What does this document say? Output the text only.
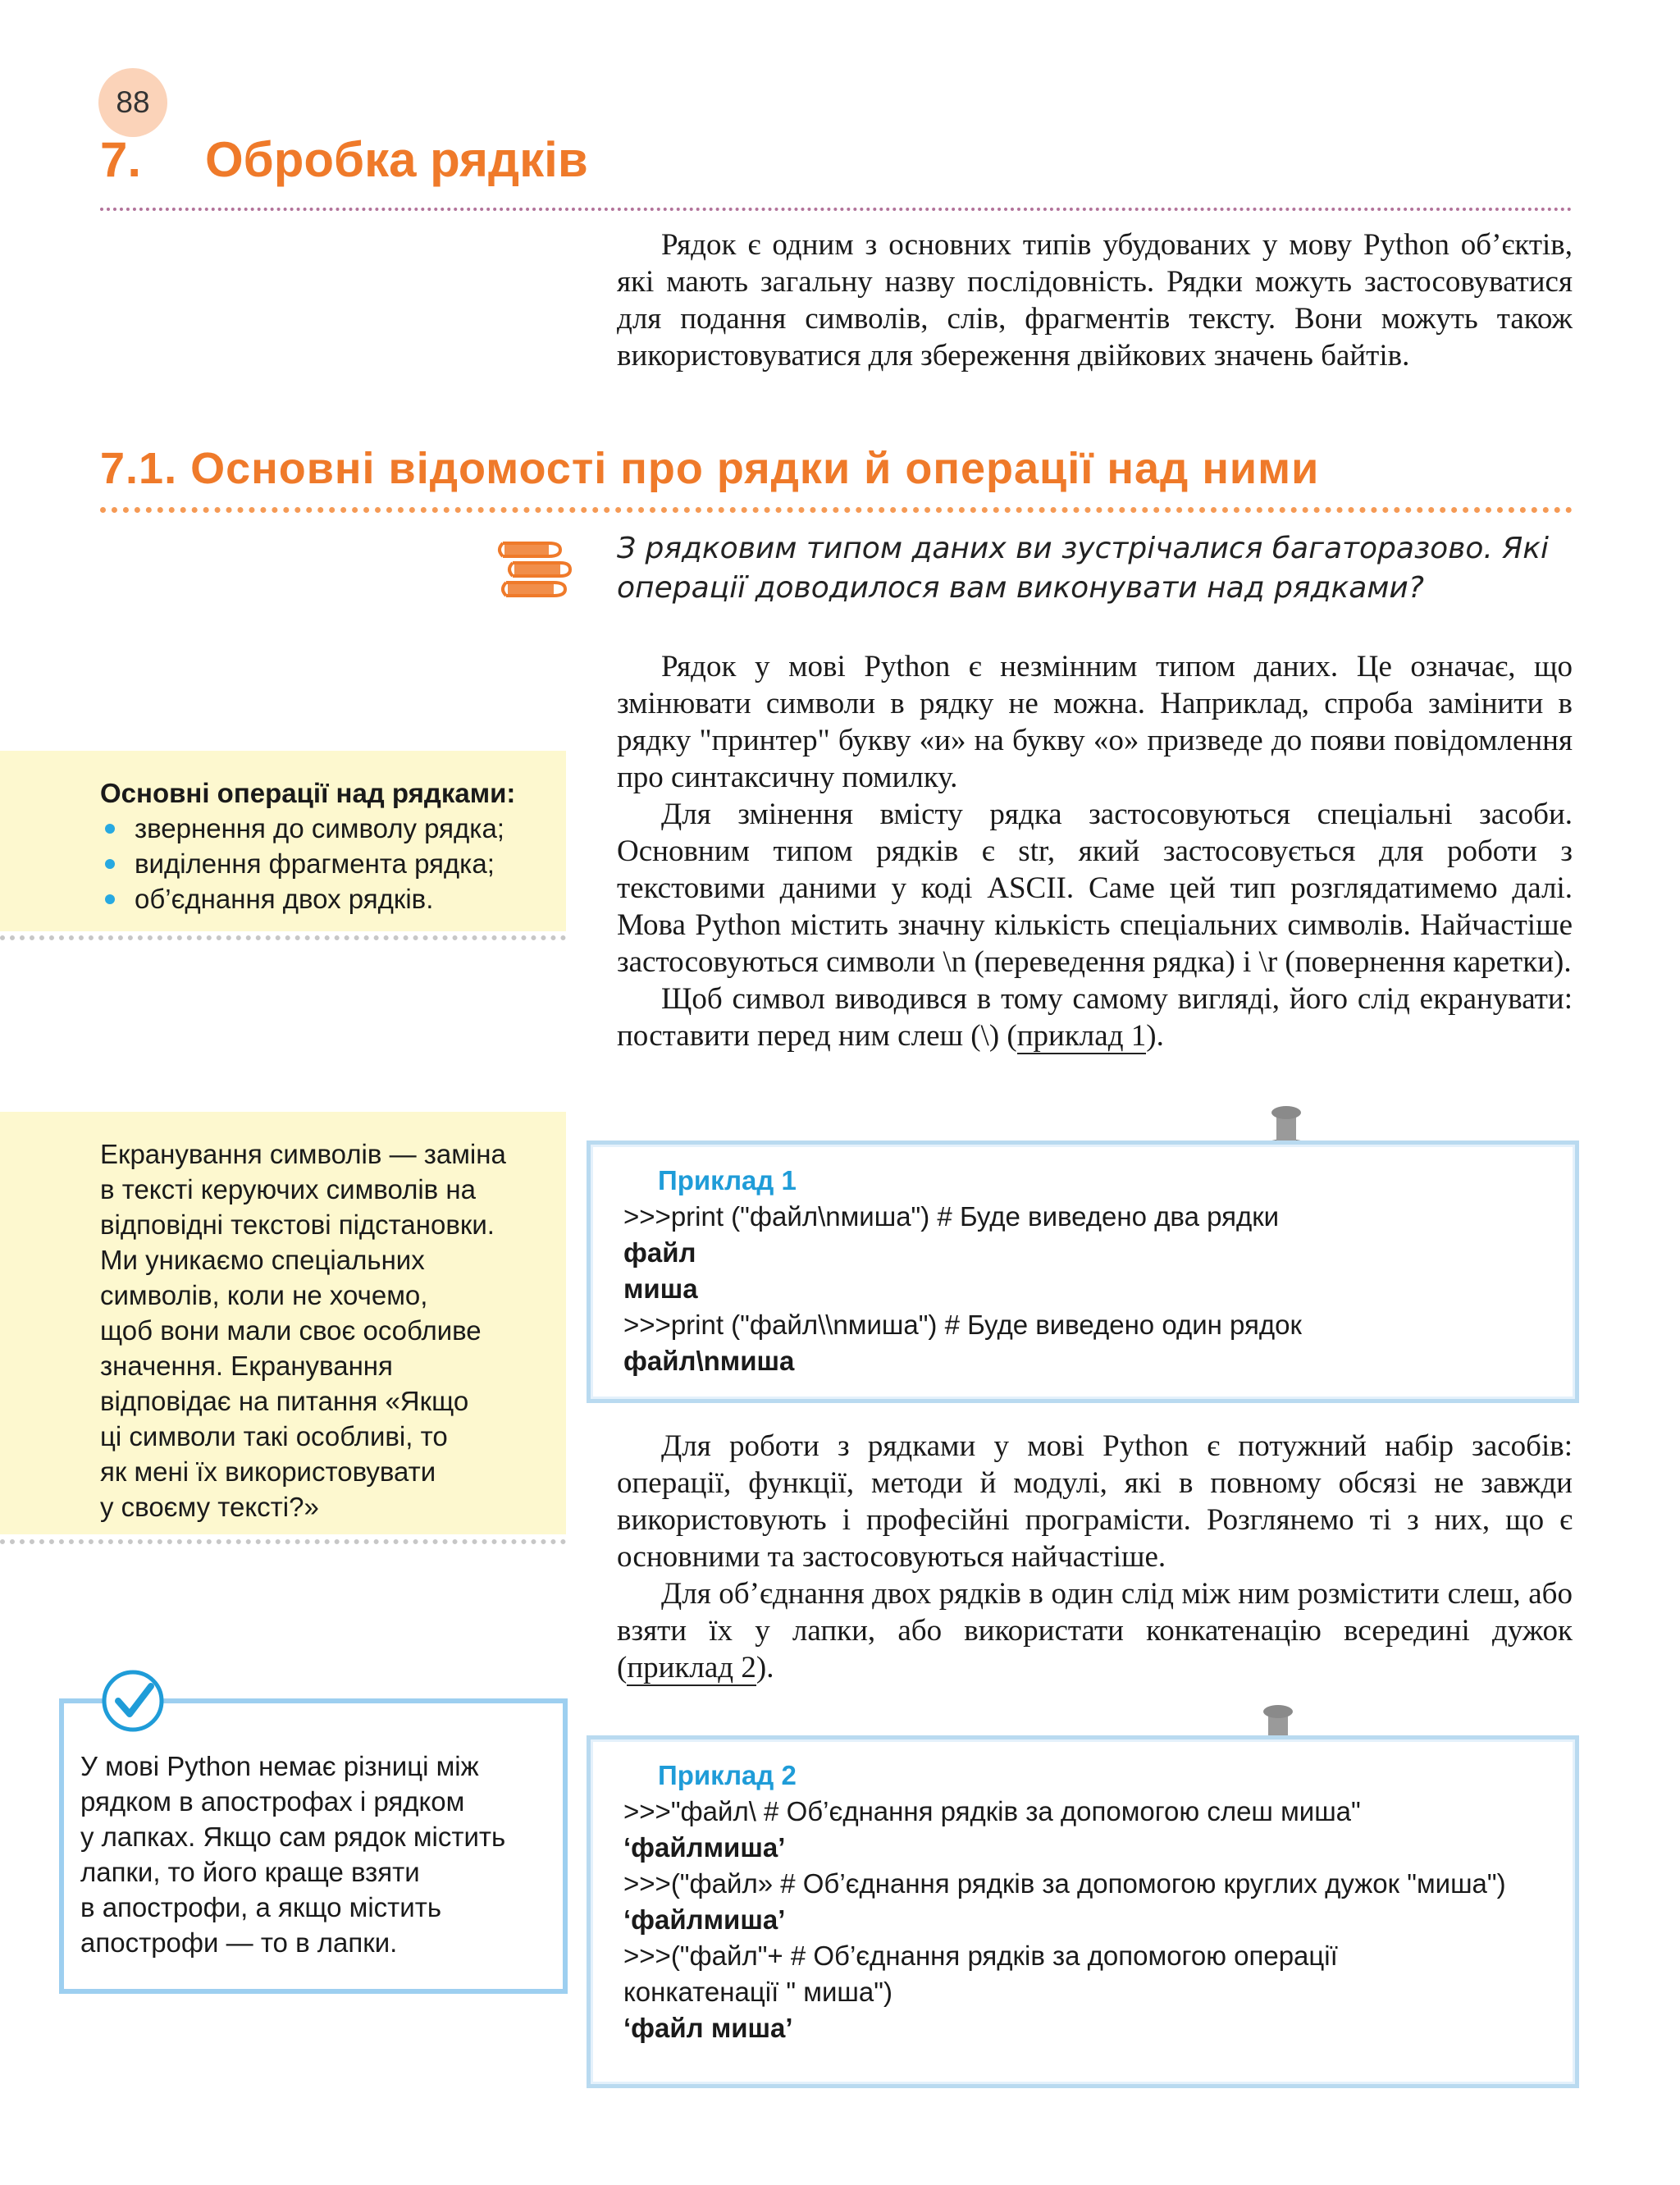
88
7. Обробка рядків

Рядок є одним з основних типів убудованих у мову Python об’єктів, які мають загальну назву послідовність. Рядки можуть застосовуватися для подання символів, слів, фрагментів тексту. Вони можуть також використовуватися для збереження двійкових значень байтів.

7.1. Основні відомості про рядки й операції над ними
З рядковим типом даних ви зустрічалися багаторазово. Які операції доводилося вам виконувати над рядками?

Рядок у мові Python є незмінним типом даних. Це означає, що змінювати символи в рядку не можна. Наприклад, спроба замінити в рядку "принтер" букву «и» на букву «о» призведе до появи повідомлення про синтаксичну помилку.

Для змінення вмісту рядка застосовуються спеціальні засоби. Основним типом рядків є str, який застосовується для роботи з текстовими даними у коді ASCII. Саме цей тип розглядатимемо далі. Мова Python містить значну кількість спеціальних символів. Найчастіше застосовуються символи \n (переведення рядка) і \r (повернення каретки).

Щоб символ виводився в тому самому вигляді, його слід екранувати: поставити перед ним слеш (\) (приклад 1).

Основні операції над рядками:
звернення до символу рядка;
виділення фрагмента рядка;
об’єднання двох рядків.
Екранування символів — заміна
в тексті керуючих символів на
відповідні текстові підстановки.
Ми уникаємо спеціальних
символів, коли не хочемо,
щоб вони мали своє особливе
значення. Екранування
відповідає на питання «Якщо
ці символи такі особливі, то
як мені їх використовувати
у своєму тексті?»
Приклад 1
>>>print ("файл\nмиша") # Буде виведено два рядки
файл
миша
>>>print ("файл\\nмиша") # Буде виведено один рядок
файл\nмиша

Для роботи з рядками у мові Python є потужний набір засобів: операції, функції, методи й модулі, які в повному обсязі не завжди використовують і професійні програмісти. Розглянемо ті з них, що є основними та застосовуються найчастіше.

Для об’єднання двох рядків в один слід між ним розмістити слеш, або взяти їх у лапки, або використати конкатенацію всередині дужок (приклад 2).

У мові Python немає різниці між
рядком в апострофах і рядком
у лапках. Якщо сам рядок містить
лапки, то його краще взяти
в апострофи, а якщо містить
апострофи — то в лапки.
Приклад 2
>>>"файл\ # Об’єднання рядків за допомогою слеш миша"
‘файлмиша’
>>>("файл» # Об’єднання рядків за допомогою круглих дужок "миша")
‘файлмиша’
>>>("файл"+ # Об’єднання рядків за допомогою операції
конкатенації " миша")
‘файл миша’
